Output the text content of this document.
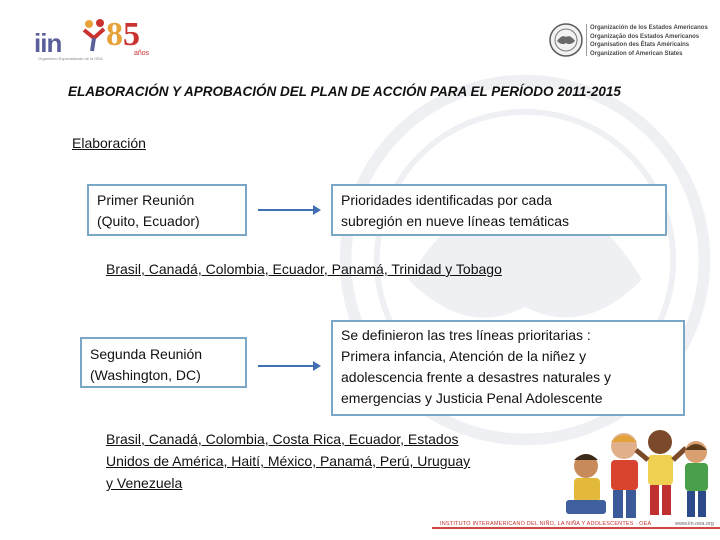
iin 85
años
Organismo Especializado de la OEA
Organización de los Estados Americanos
Organização dos Estados Americanos
Organisation des États Américains
Organization of American States
ELABORACIÓN Y APROBACIÓN DEL PLAN DE ACCIÓN PARA EL PERÍODO 2011-2015
Elaboración
Primer Reunión
(Quito, Ecuador)
Prioridades identificadas por cada
subregión en nueve líneas temáticas
Brasil, Canadá, Colombia, Ecuador, Panamá, Trinidad y Tobago
Segunda Reunión
(Washington, DC)
Se definieron las tres líneas prioritarias :
Primera infancia, Atención de la niñez y
adolescencia frente a desastres naturales y
emergencias y Justicia Penal Adolescente
Brasil, Canadá, Colombia, Costa Rica, Ecuador, Estados
Unidos de América, Haití, México, Panamá, Perú, Uruguay
y Venezuela
INSTITUTO INTERAMERICANO DEL NIÑO, LA NIÑA Y ADOLESCENTES · OEA	www.iin.oea.org
